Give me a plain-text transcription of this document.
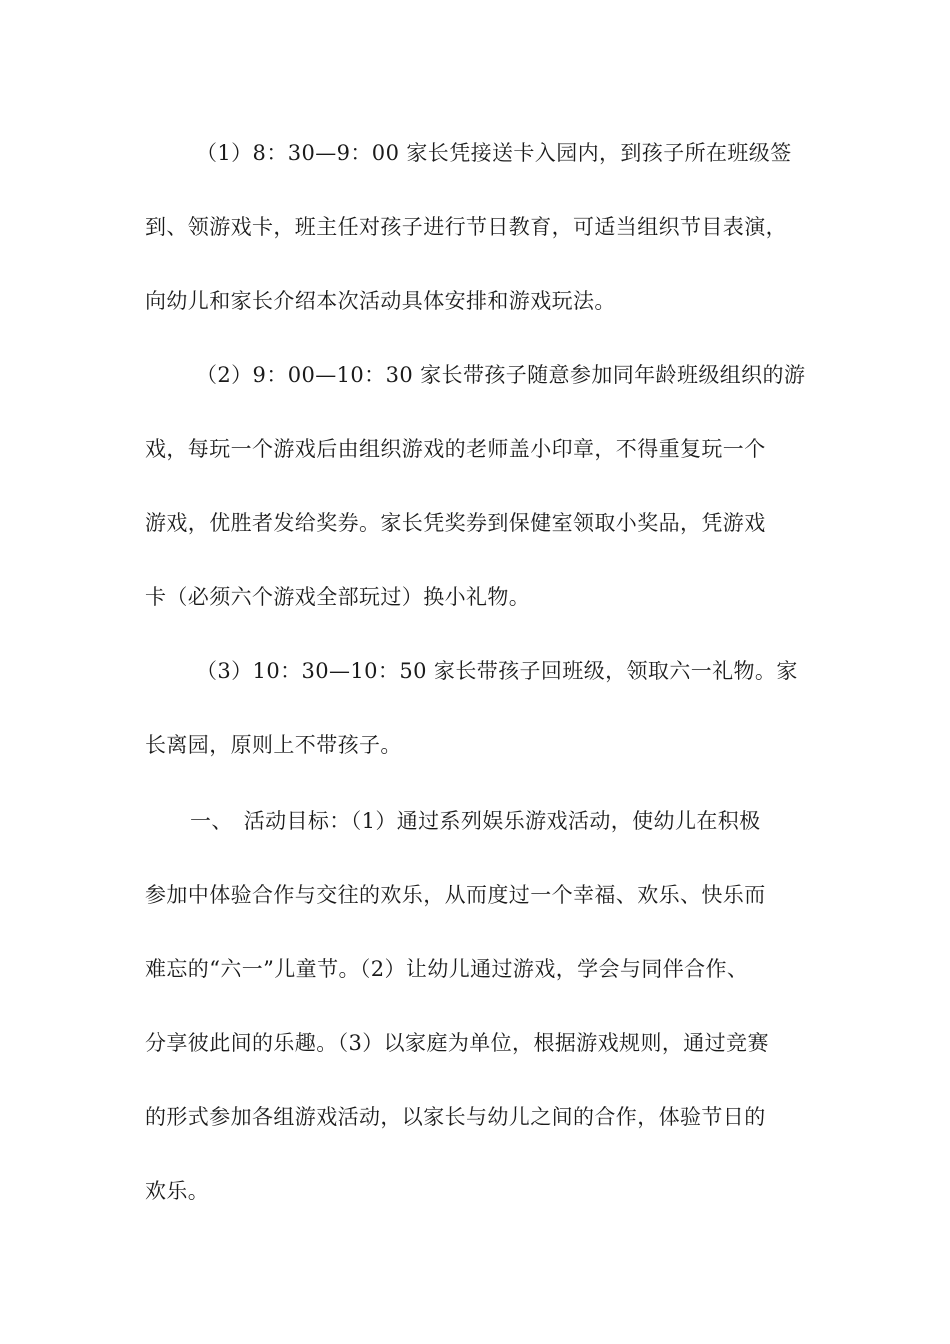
（1）8：30—9：00 家长凭接送卡入园内，到孩子所在班级签
到、领游戏卡，班主任对孩子进行节日教育，可适当组织节目表演，
向幼儿和家长介绍本次活动具体安排和游戏玩法。
（2）9：00—10：30 家长带孩子随意参加同年龄班级组织的游
戏，每玩一个游戏后由组织游戏的老师盖小印章，不得重复玩一个
游戏，优胜者发给奖券。家长凭奖券到保健室领取小奖品，凭游戏
卡（必须六个游戏全部玩过）换小礼物。
（3）10：30—10：50 家长带孩子回班级，领取六一礼物。家
长离园，原则上不带孩子。
一、　活动目标：（1）通过系列娱乐游戏活动，使幼儿在积极
参加中体验合作与交往的欢乐，从而度过一个幸福、欢乐、快乐而
难忘的“六一”儿童节。（2）让幼儿通过游戏，学会与同伴合作、
分享彼此间的乐趣。（3）以家庭为单位，根据游戏规则，通过竞赛
的形式参加各组游戏活动，以家长与幼儿之间的合作，体验节日的
欢乐。
